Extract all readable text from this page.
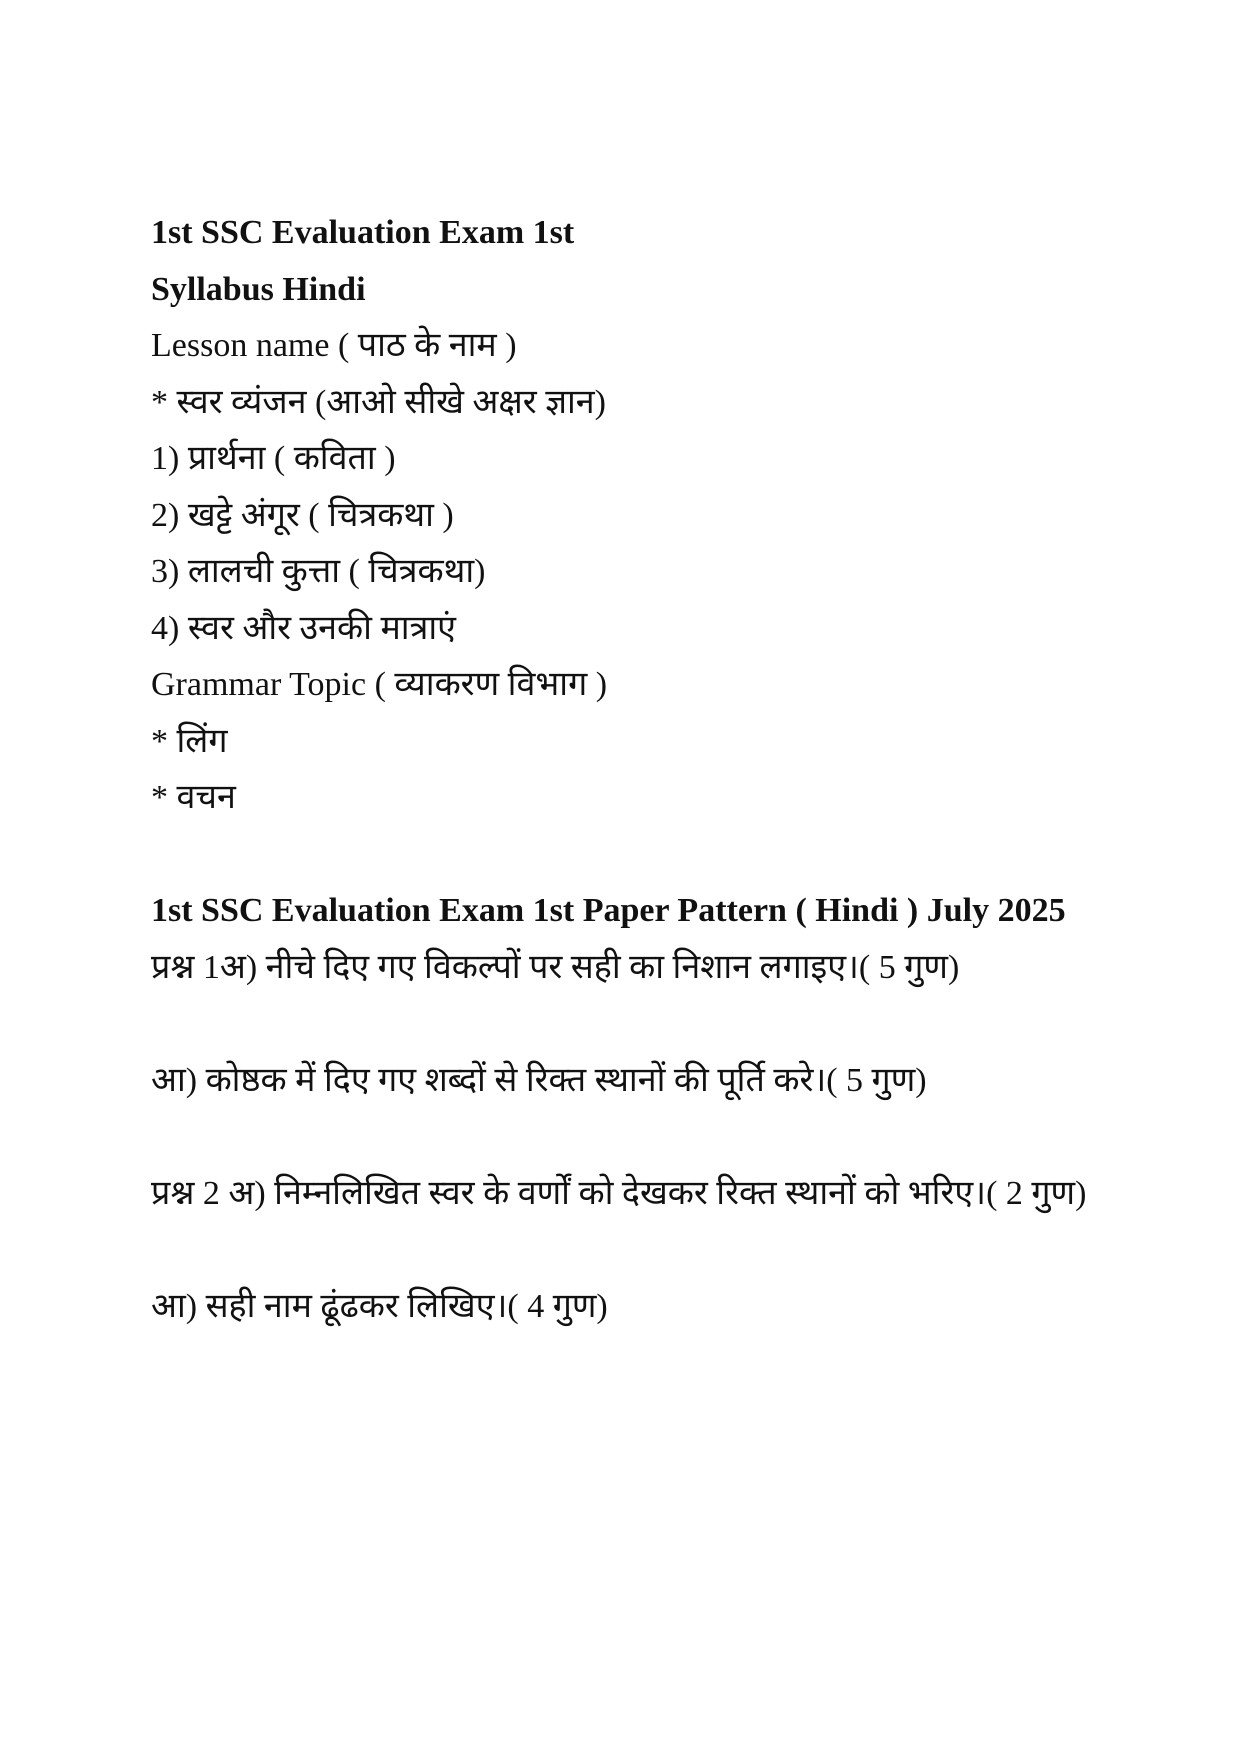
1st SSC Evaluation Exam 1st

Syllabus Hindi

Lesson name ( पाठ के नाम )

* स्वर व्यंजन (आओ सीखे अक्षर ज्ञान)

1) प्रार्थना ( कविता )

2) खट्टे अंगूर ( चित्रकथा )

3) लालची कुत्ता ( चित्रकथा)

4) स्वर और उनकी मात्राएं

Grammar Topic ( व्याकरण विभाग )

* लिंग

* वचन

1st SSC Evaluation Exam 1st Paper Pattern ( Hindi ) July 2025

प्रश्न 1अ) नीचे दिए गए विकल्पों पर सही का निशान लगाइए।( 5 गुण)

आ) कोष्ठक में दिए गए शब्दों से रिक्त स्थानों की पूर्ति करे।( 5 गुण)

प्रश्न 2 अ) निम्नलिखित स्वर के वर्णों को देखकर रिक्त स्थानों को भरिए।( 2 गुण)

आ) सही नाम ढूंढकर लिखिए।( 4 गुण)
